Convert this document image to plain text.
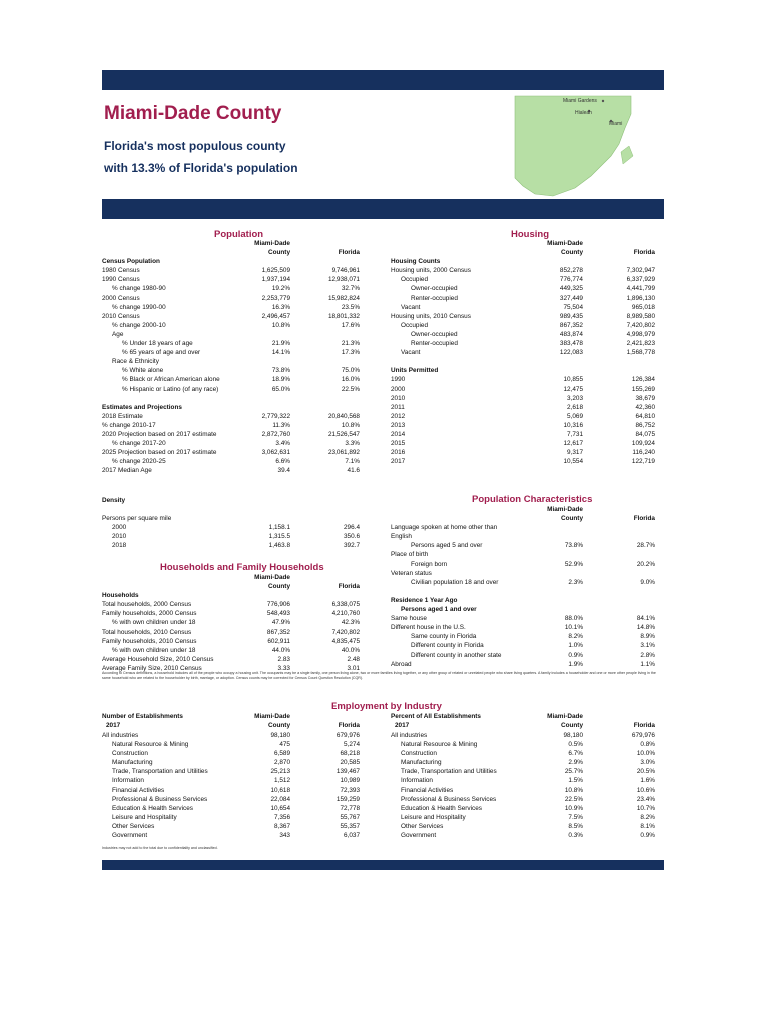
Miami-Dade County
Florida's most populous county
with 13.3% of Florida's population
Miami Gardens
Hialeah
Miami
Population
Miami-Dade
County	Florida
Census Population
1980 Census	1,625,509	9,746,961
1990 Census	1,937,194	12,938,071
% change 1980-90	19.2%	32.7%
2000 Census	2,253,779	15,982,824
% change 1990-00	16.3%	23.5%
2010 Census	2,496,457	18,801,332
% change 2000-10	10.8%	17.6%
Age
% Under 18 years of age	21.9%	21.3%
% 65 years of age and over	14.1%	17.3%
Race & Ethnicity
% White alone	73.8%	75.0%
% Black or African American alone	18.9%	16.0%
% Hispanic or Latino (of any race)	65.0%	22.5%
Estimates and Projections
2018 Estimate	2,779,322	20,840,568
% change 2010-17	11.3%	10.8%
2020 Projection based on 2017 estimate	2,872,760	21,526,547
% change 2017-20	3.4%	3.3%
2025 Projection based on 2017 estimate	3,062,631	23,061,892
% change 2020-25	6.6%	7.1%
2017 Median Age	39.4	41.6
Housing
Miami-Dade
County	Florida
Housing Counts
Housing units, 2000 Census	852,278	7,302,947
Occupied	776,774	6,337,929
Owner-occupied	449,325	4,441,799
Renter-occupied	327,449	1,896,130
Vacant	75,504	965,018
Housing units, 2010 Census	989,435	8,989,580
Occupied	867,352	7,420,802
Owner-occupied	483,874	4,998,979
Renter-occupied	383,478	2,421,823
Vacant	122,083	1,568,778
Units Permitted
1990	10,855	126,384
2000	12,475	155,269
2010	3,203	38,679
2011	2,618	42,360
2012	5,069	64,810
2013	10,316	86,752
2014	7,731	84,075
2015	12,617	109,924
2016	9,317	116,240
2017	10,554	122,719
Density
Persons per square mile
2000	1,158.1	296.4
2010	1,315.5	350.6
2018	1,463.8	392.7
Households and Family Households
Miami-Dade
County	Florida
Households
Total households, 2000 Census	776,906	6,338,075
Family households, 2000 Census	548,493	4,210,760
% with own children under 18	47.9%	42.3%
Total households, 2010 Census	867,352	7,420,802
Family households, 2010 Census	602,911	4,835,475
% with own children under 18	44.0%	40.0%
Average Household Size, 2010 Census	2.83	2.48
Average Family Size, 2010 Census	3.33	3.01
According to Census definitions, a household includes all of the people who occupy a housing unit. The occupants may be a single family, one person living alone, two or more families living together, or any other group of related or unrelated people who share living quarters. A family includes a householder and one or more other people living in the same household who are related to the householder by birth, marriage, or adoption. Census counts may be corrected for Census Count Question Resolution (CQR).
Population Characteristics
Miami-Dade
County	Florida
Language spoken at home other than
English
Persons aged 5 and over	73.8%	28.7%
Place of birth
Foreign born	52.9%	20.2%
Veteran status
Civilian population 18 and over	2.3%	9.0%
Residence 1 Year Ago
Persons aged 1 and over
Same house	88.0%	84.1%
Different house in the U.S.	10.1%	14.8%
Same county in Florida	8.2%	8.9%
Different county in Florida	1.0%	3.1%
Different county in another state	0.9%	2.8%
Abroad	1.9%	1.1%
Employment by Industry
Number of Establishments	Miami-Dade
2017	County	Florida
All industries	98,180	679,976
Natural Resource & Mining	475	5,274
Construction	6,589	68,218
Manufacturing	2,870	20,585
Trade, Transportation and Utilities	25,213	139,467
Information	1,512	10,989
Financial Activities	10,618	72,393
Professional & Business Services	22,084	159,259
Education & Health Services	10,654	72,778
Leisure and Hospitality	7,356	55,767
Other Services	8,367	55,357
Government	343	6,037
Percent of All Establishments	Miami-Dade
2017	County	Florida
All industries	98,180	679,976
Natural Resource & Mining	0.5%	0.8%
Construction	6.7%	10.0%
Manufacturing	2.9%	3.0%
Trade, Transportation and Utilities	25.7%	20.5%
Information	1.5%	1.6%
Financial Activities	10.8%	10.6%
Professional & Business Services	22.5%	23.4%
Education & Health Services	10.9%	10.7%
Leisure and Hospitality	7.5%	8.2%
Other Services	8.5%	8.1%
Government	0.3%	0.9%
Industries may not add to the total due to confidentiality and unclassified.
